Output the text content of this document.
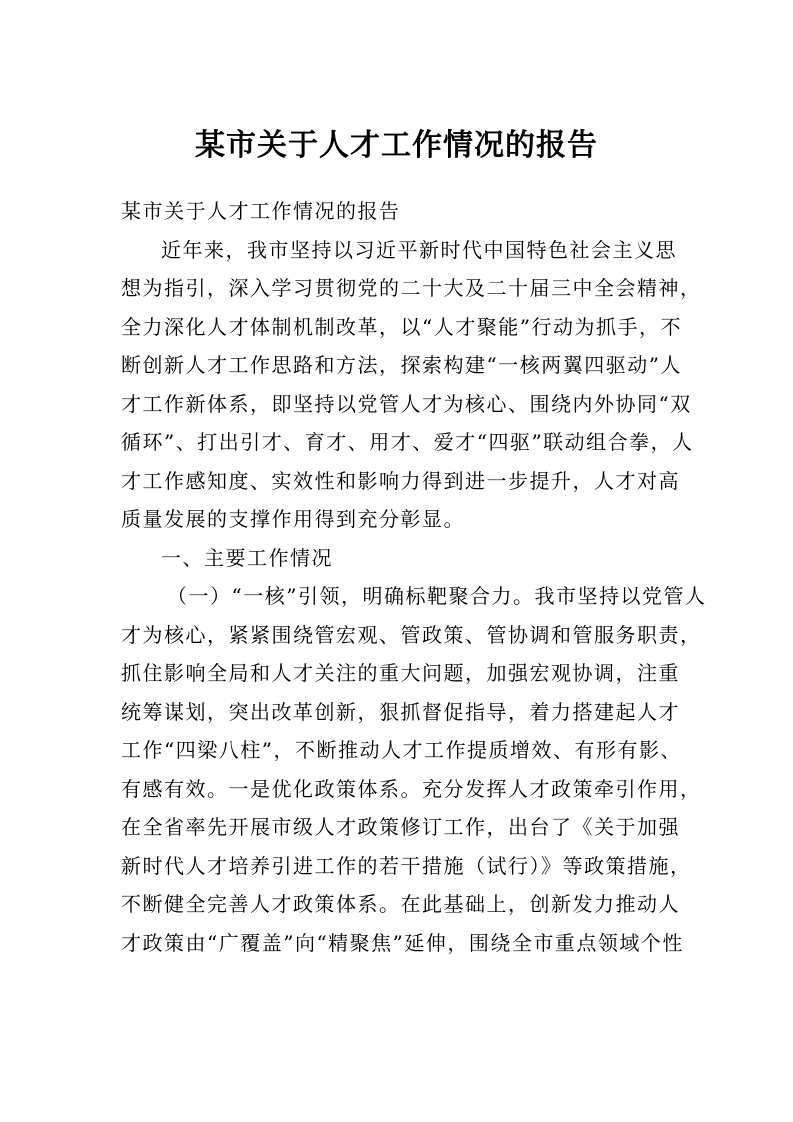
某市关于人才工作情况的报告
某市关于人才工作情况的报告
近年来，我市坚持以习近平新时代中国特色社会主义思
想为指引，深入学习贯彻党的二十大及二十届三中全会精神，
全力深化人才体制机制改革，以“人才聚能”行动为抓手，不
断创新人才工作思路和方法，探索构建“一核两翼四驱动”人
才工作新体系，即坚持以党管人才为核心、围绕内外协同“双
循环”、打出引才、育才、用才、爱才“四驱”联动组合拳，人
才工作感知度、实效性和影响力得到进一步提升，人才对高
质量发展的支撑作用得到充分彰显。
一、主要工作情况
（一）“一核”引领，明确标靶聚合力。我市坚持以党管人
才为核心，紧紧围绕管宏观、管政策、管协调和管服务职责，
抓住影响全局和人才关注的重大问题，加强宏观协调，注重
统筹谋划，突出改革创新，狠抓督促指导，着力搭建起人才
工作“四梁八柱”，不断推动人才工作提质增效、有形有影、
有感有效。一是优化政策体系。充分发挥人才政策牵引作用，
在全省率先开展市级人才政策修订工作，出台了《关于加强
新时代人才培养引进工作的若干措施（试行）》等政策措施，
不断健全完善人才政策体系。在此基础上，创新发力推动人
才政策由“广覆盖”向“精聚焦”延伸，围绕全市重点领域个性
